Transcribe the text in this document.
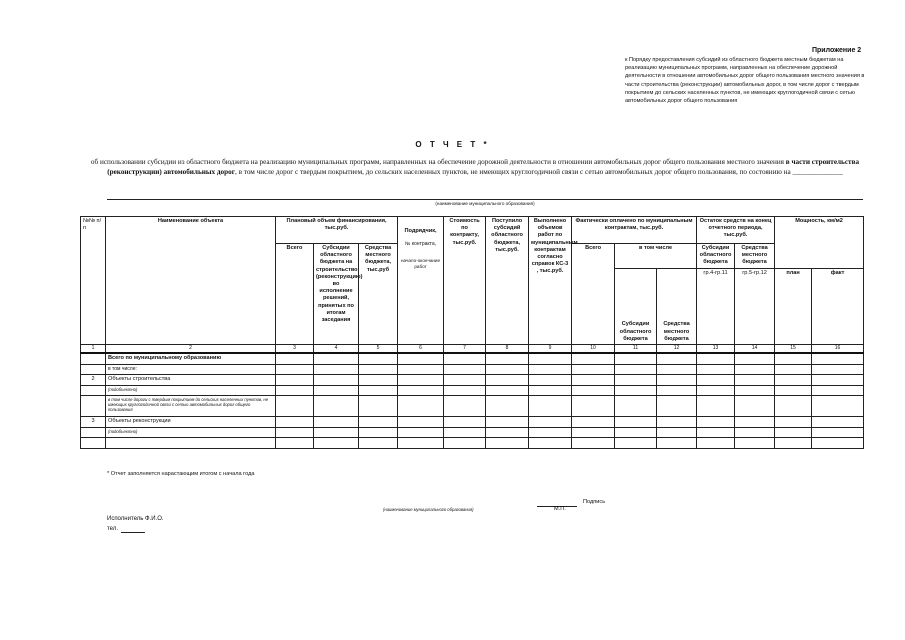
Приложение 2
к Порядку предоставления субсидий из областного бюджета местным бюджетам на реализацию муниципальных программ, направленных на обеспечение дорожной деятельности в отношении автомобильных дорог общего пользования местного значения в части строительства (реконструкции) автомобильных дорог, в том числе дорог с твердым покрытием до сельских населенных пунктов, не имеющих круглогодичной связи с сетью автомобильных дорог общего пользования
О Т Ч Е Т *
об использовании субсидии из областного бюджета на реализацию муниципальных программ, направленных на обеспечение дорожной деятельности в отношении автомобильных дорог общего пользования местного значения в части строительства (реконструкции) автомобильных дорог, в том числе дорог с твердым покрытием, до сельских населенных пунктов, не имеющих круглогодичной связи с сетью автомобильных дорог общего пользования, по состоянию на ______________
(наименование муниципального образования)
№№ п/п	Наименование объекта	Плановый объем финансирования, тыс.руб.			Подрядчик,
№ контракта,
начало-окончание работ	Стоимость по контракту, тыс.руб.	Поступило субсидий областного бюджета, тыс.руб.	Выполнено объемов работ по муниципальным контрактам согласно справок КС-3 , тыс.руб.	Фактически оплачено по муниципальным контрактам, тыс.руб.			Остаток средств на конец отчетного периода, тыс.руб.		Мощность, км/м2	
		Всего	Субсидии областного бюджета на строительство (реконструкцию) во исполнение решений, принятых по итогам заседания	Средства местного бюджета, тыс.руб					Всего	в том числе		Субсидии областного бюджета	Средства местного бюджета		
										Субсидии областного бюджета	Средства местного бюджета	гр.4-гр.11	гр.5-гр.12	план	факт
1	2	3	4	5	6	7	8	9	10	11	12	13	14	15	16
	Всего по муниципальному образованию														
	в том числе:														
2	Объекты строительства														
	(подобъектно)														
	в том числе дороги с твердым покрытием до сельских населенных пунктов, не имеющих круглогодичной связи с сетью автомобильных дорог общего пользования														
3	Объекты реконструкции														
	(подобъектно)														

* Отчет заполняется нарастающим итогом с начала года
Подпись
М.П.
(наименование муниципального образования)
Исполнитель Ф.И.О.
тел.
